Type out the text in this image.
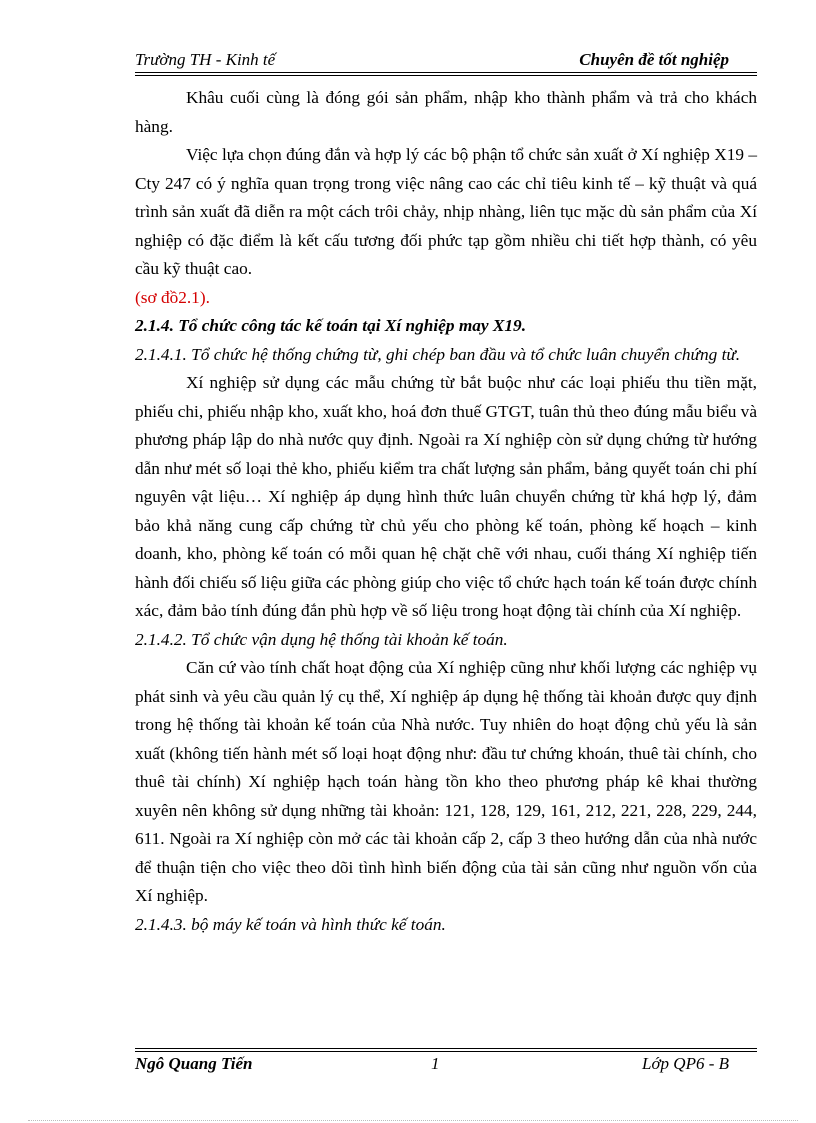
Trường TH - Kinh tế	Chuyên đề tốt nghiệp

Khâu cuối cùng là đóng gói sản phẩm, nhập kho thành phẩm và trả cho khách hàng.

Việc lựa chọn đúng đắn và hợp lý các bộ phận tổ chức sản xuất ở Xí nghiệp X19 – Cty 247 có ý nghĩa quan trọng trong việc nâng cao các chỉ tiêu kinh tế – kỹ thuật và quá trình sản xuất đã diễn ra một cách trôi chảy, nhịp nhàng, liên tục mặc dù sản phẩm của Xí nghiệp có đặc điểm là kết cấu tương đối phức tạp gồm nhiều chi tiết hợp thành, có yêu cầu kỹ thuật cao.

(sơ đồ2.1).

2.1.4. Tổ chức công tác kế toán tại Xí nghiệp may X19.

2.1.4.1. Tổ chức hệ thống chứng từ, ghi chép ban đầu và tổ chức luân chuyển chứng từ.

Xí nghiệp sử dụng các mẫu chứng từ bắt buộc như các loại phiếu thu tiền mặt, phiếu chi, phiếu nhập kho, xuất kho, hoá đơn thuế GTGT, tuân thủ theo đúng mẫu biểu và phương pháp lập do nhà nước quy định. Ngoài ra Xí nghiệp còn sử dụng chứng từ hướng dẫn như mét số loại thẻ kho, phiếu kiểm tra chất lượng sản phẩm, bảng quyết toán chi phí nguyên vật liệu… Xí nghiệp áp dụng hình thức luân chuyển chứng từ khá hợp lý, đảm bảo khả năng cung cấp chứng từ chủ yếu cho phòng kế toán, phòng kế hoạch – kinh doanh, kho, phòng kế toán có mỗi quan hệ chặt chẽ với nhau, cuối tháng Xí nghiệp tiến hành đối chiếu số liệu giữa các phòng giúp cho việc tổ chức hạch toán kế toán được chính xác, đảm bảo tính đúng đắn phù hợp về số liệu trong hoạt động tài chính của Xí nghiệp.

2.1.4.2. Tổ chức vận dụng hệ thống tài khoản kế toán.

Căn cứ vào tính chất hoạt động của Xí nghiệp cũng như khối lượng các nghiệp vụ phát sinh và yêu cầu quản lý cụ thể, Xí nghiệp áp dụng hệ thống tài khoản được quy định trong hệ thống tài khoản kế toán của Nhà nước. Tuy nhiên do hoạt động chủ yếu là sản xuất (không tiến hành mét số loại hoạt động như: đầu tư chứng khoán, thuê tài chính, cho thuê tài chính) Xí nghiệp hạch toán hàng tồn kho theo phương pháp kê khai thường xuyên nên không sử dụng những tài khoản: 121, 128, 129, 161, 212, 221, 228, 229, 244, 611. Ngoài ra Xí nghiệp còn mở các tài khoản cấp 2, cấp 3 theo hướng dẫn của nhà nước để thuận tiện cho việc theo dõi tình hình biến động của tài sản cũng như nguồn vốn của Xí nghiệp.

2.1.4.3. bộ máy kế toán và hình thức kế toán.

Ngô Quang Tiến	1	Lớp QP6 - B
